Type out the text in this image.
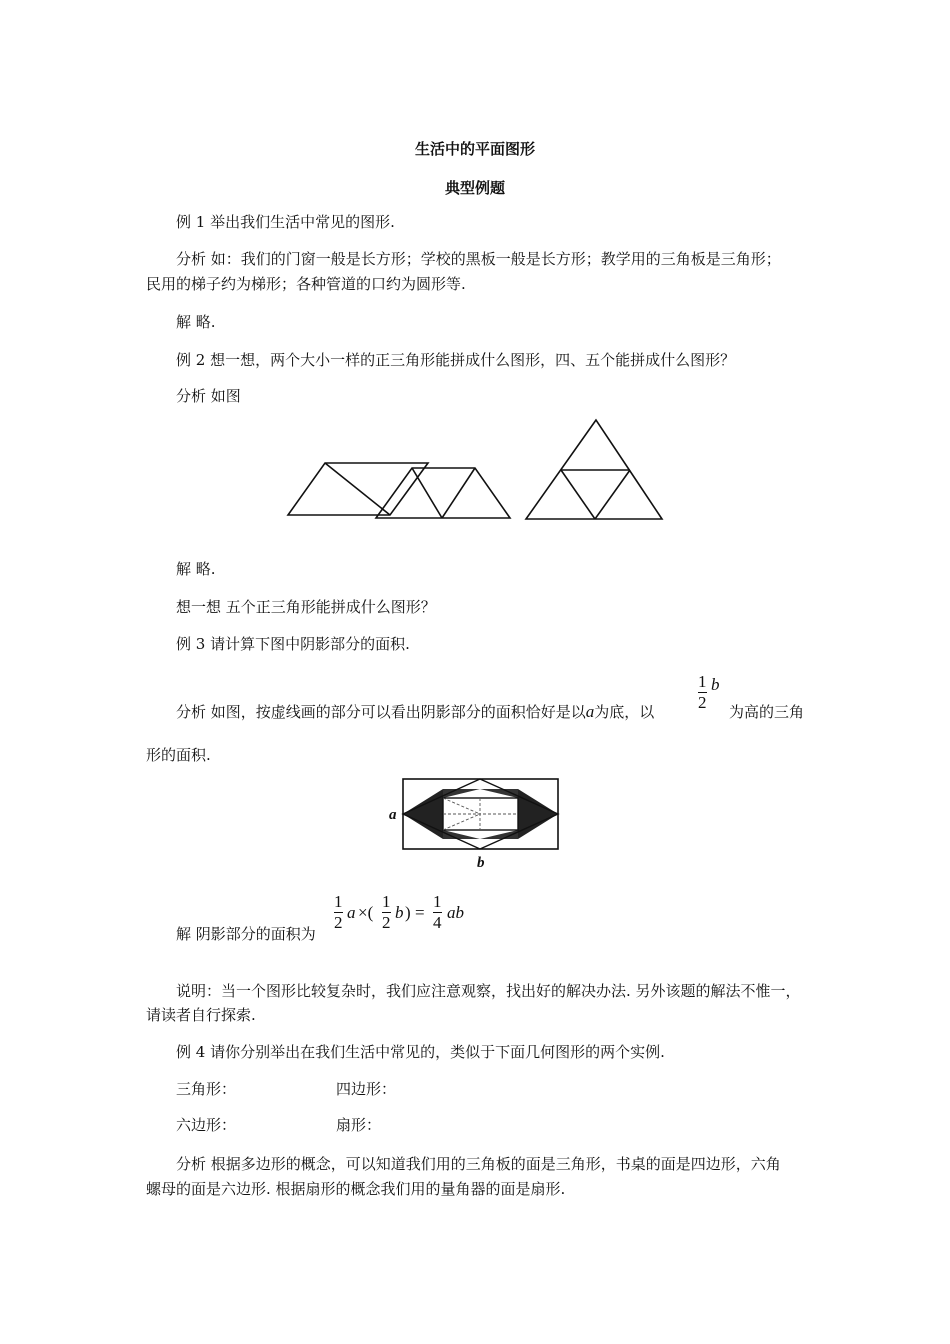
生活中的平面图形
典型例题
例 1 举出我们生活中常见的图形.
分析 如：我们的门窗一般是长方形；学校的黑板一般是长方形；教学用的三角板是三角形；
民用的梯子约为梯形；各种管道的口约为圆形等.
解 略.
例 2 想一想，两个大小一样的正三角形能拼成什么图形，四、五个能拼成什么图形？
分析 如图
解 略.
想一想 五个正三角形能拼成什么图形？
例 3 请计算下图中阴影部分的面积.
分析 如图，按虚线画的部分可以看出阴影部分的面积恰好是以a为底，以
1
2
b
为高的三角
形的面积.
a
b
解 阴影部分的面积为
1
2
a ×(
1
2
b ) =
1
4
ab
说明：当一个图形比较复杂时，我们应注意观察，找出好的解决办法. 另外该题的解法不惟一，
请读者自行探索.
例 4 请你分别举出在我们生活中常见的，类似于下面几何图形的两个实例.
三角形：	四边形：
六边形：	扇形：
分析 根据多边形的概念，可以知道我们用的三角板的面是三角形，书桌的面是四边形，六角
螺母的面是六边形. 根据扇形的概念我们用的量角器的面是扇形.
